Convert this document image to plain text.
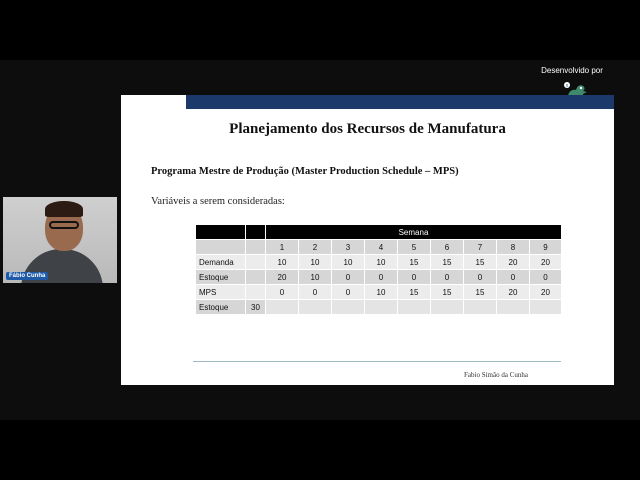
Desenvolvido por
$
Fábio Cunha
Planejamento dos Recursos de Manufatura
Programa Mestre de Produção (Master Production Schedule – MPS)
Variáveis a serem consideradas:
		Semana								
		1	2	3	4	5	6	7	8	9
Demanda		10	10	10	10	15	15	15	20	20
Estoque		20	10	0	0	0	0	0	0	0
MPS		0	0	0	10	15	15	15	20	20
Estoque	30									
Fabio Simão da Cunha
